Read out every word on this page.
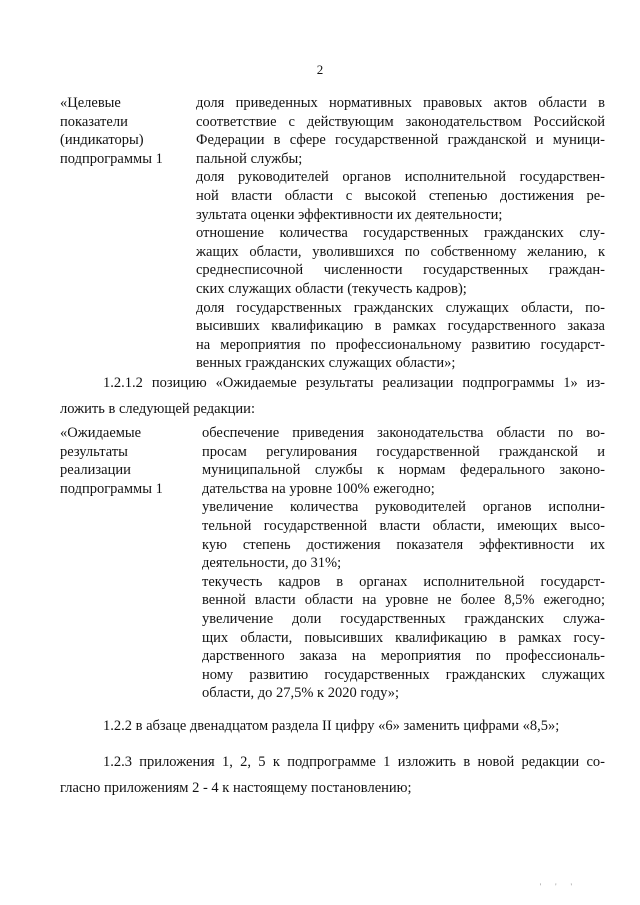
2
«Целевые
показатели
(индикаторы)
подпрограммы 1
доля приведенных нормативных правовых актов области в
соответствие с действующим законодательством Российской
Федерации в сфере государственной гражданской и муници-
пальной службы;
доля руководителей органов исполнительной государствен-
ной власти области с высокой степенью достижения ре-
зультата оценки эффективности их деятельности;
отношение количества государственных гражданских слу-
жащих области, уволившихся по собственному желанию, к
среднесписочной численности государственных граждан-
ских служащих области (текучесть кадров);
доля государственных гражданских служащих области, по-
высивших квалификацию в рамках государственного заказа
на мероприятия по профессиональному развитию государст-
венных гражданских служащих области»;
1.2.1.2 позицию «Ожидаемые результаты реализации подпрограммы 1» из-
ложить в следующей редакции:
«Ожидаемые
результаты
реализации
подпрограммы 1
обеспечение приведения законодательства области по во-
просам регулирования государственной гражданской и
муниципальной службы к нормам федерального законо-
дательства на уровне 100% ежегодно;
увеличение количества руководителей органов исполни-
тельной государственной власти области, имеющих высо-
кую степень достижения показателя эффективности их
деятельности, до 31%;
текучесть кадров в органах исполнительной государст-
венной власти области на уровне не более 8,5% ежегодно;
увеличение доли государственных гражданских служа-
щих области, повысивших квалификацию в рамках госу-
дарственного заказа на мероприятия по профессиональ-
ному развитию государственных гражданских служащих
области, до 27,5% к 2020 году»;
1.2.2 в абзаце двенадцатом раздела II цифру «6» заменить цифрами «8,5»;
1.2.3 приложения 1, 2, 5 к подпрограмме 1 изложить в новой редакции со-
гласно приложениям 2 - 4 к настоящему постановлению;
' ' '
